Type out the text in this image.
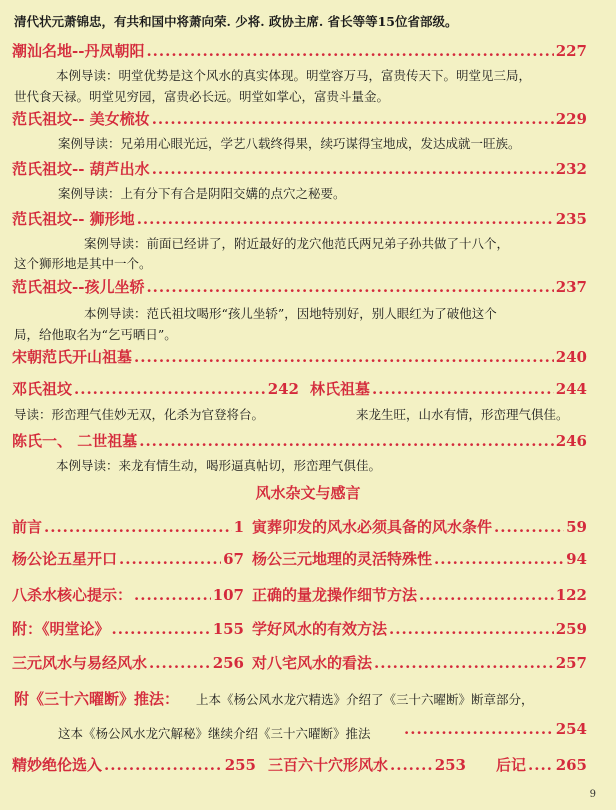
清代状元萧锦忠，有共和国中将萧向荣. 少将. 政协主席. 省长等等15位省部级。
潮汕名地--丹凤朝阳 .....	227
本例导读：明堂优势是这个风水的真实体现。明堂容万马，富贵传天下。明堂见三局，
世代食天禄。明堂见穷园，富贵必长远。明堂如掌心，富贵斗量金。
范氏祖坟-- 美女梳妆 .....	229
案例导读：兄弟用心眼光远，学艺八载终得果，续巧谋得宝地成，发达成就一旺族。
范氏祖坟-- 葫芦出水 .....	232
案例导读：上有分下有合是阴阳交媾的点穴之秘要。
范氏祖坟-- 狮形地 .....	235
案例导读：前面已经讲了，附近最好的龙穴他范氏两兄弟子孙共做了十八个，
这个狮形地是其中一个。
范氏祖坟--孩儿坐轿 .....	237
本例导读：范氏祖坟喝形“孩儿坐轿”，因地特别好，别人眼红为了破他这个
局，给他取名为“乞丐晒日”。
宋朝范氏开山祖墓 .....	240
邓氏祖坟 .....	242 林氏祖墓 .....	244
导读：形峦理气佳妙无双，化杀为官登将台。	来龙生旺，山水有情，形峦理气俱佳。
陈氏一、 二世祖墓 .....	246
本例导读：来龙有情生动，喝形逼真帖切，形峦理气俱佳。
风水杂文与感言
前言 .....	1 寅葬卯发的风水必须具备的风水条件 .....	59
杨公论五星开口 .....	67 杨公三元地理的灵活特殊性 .....	94
八杀水核心提示： .....	107 正确的量龙操作细节方法 .....	122
附：《明堂论》 .....	155 学好风水的有效方法 .....	259
三元风水与易经风水 .....	256 对八宅风水的看法 .....	257
附《三十六曜断》推法： 上本《杨公风水龙穴精选》介绍了《三十六曜断》断章部分，
这本《杨公风水龙穴解秘》继续介绍《三十六曜断》推法 .....	254
精妙绝伦选入 .....	255 三百六十穴形风水 .....	253 后记 ..... 265
9
